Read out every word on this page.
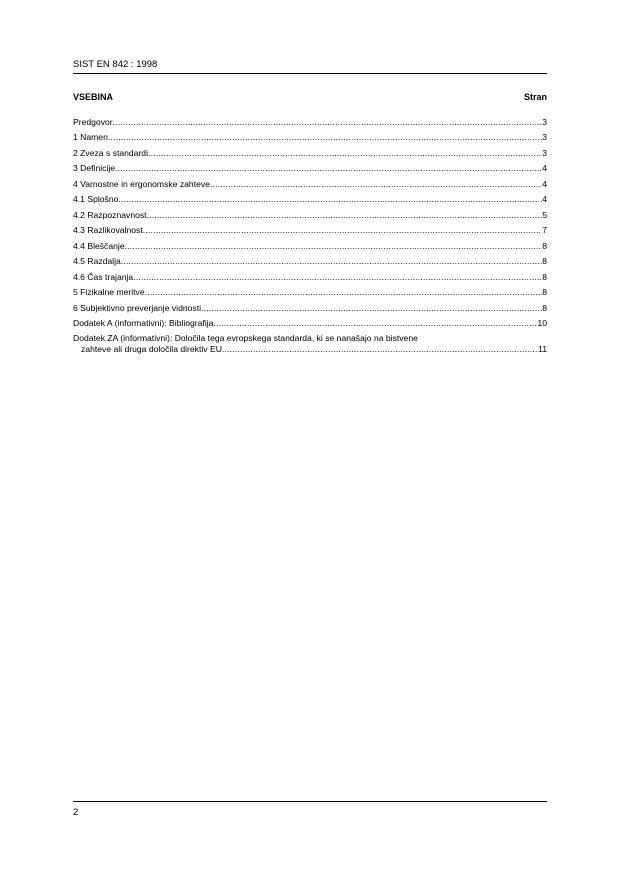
SIST EN 842 : 1998
VSEBINA	Stran
Predgovor .....	3
1 Namen .....	3
2 Zveza s standardi .....	3
3 Definicije .....	4
4 Varnostne in ergonomske zahteve .....	4
4.1 Splošno .....	4
4.2 Razpoznavnost .....	5
4.3 Razlikovalnost .....	7
4.4 Bleščanje .....	8
4.5 Razdalja .....	8
4.6 Čas trajanja .....	8
5 Fizikalne meritve .....	8
6 Subjektivno preverjanje vidnosti .....	8
Dodatek A (informativni): Bibliografija .....	10
Dodatek ZA (informativni): Določila tega evropskega standarda, ki se nanašajo na bistvene
zahteve ali druga določila direktiv EU .....	11
2
